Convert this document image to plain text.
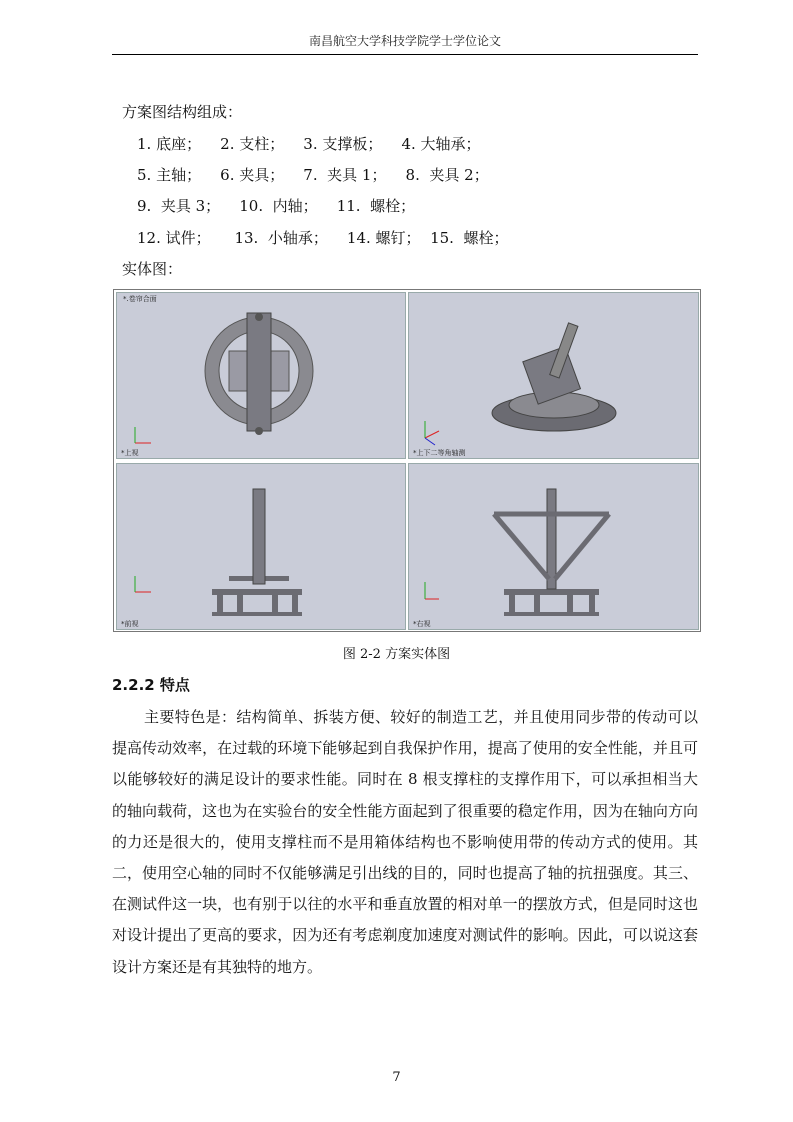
南昌航空大学科技学院学士学位论文
方案图结构组成：
1. 底座；    2. 支柱；    3. 支撑板；    4. 大轴承；
5. 主轴；    6. 夹具；    7.  夹具 1；    8.  夹具 2；
9.  夹具 3；    10.  内轴；    11.  螺栓；
12. 试件；     13.  小轴承；    14. 螺钉；  15.  螺栓；
实体图：
*.卷帘合面
*上视	*上下二等角轴测
*前视	*右视
图 2-2 方案实体图
2.2.2 特点
主要特色是：结构简单、拆装方便、较好的制造工艺，并且使用同步带的传动可以提高传动效率，在过载的环境下能够起到自我保护作用，提高了使用的安全性能，并且可以能够较好的满足设计的要求性能。同时在 8 根支撑柱的支撑作用下，可以承担相当大的轴向载荷，这也为在实验台的安全性能方面起到了很重要的稳定作用，因为在轴向方向的力还是很大的，使用支撑柱而不是用箱体结构也不影响使用带的传动方式的使用。其二，使用空心轴的同时不仅能够满足引出线的目的，同时也提高了轴的抗扭强度。其三、在测试件这一块，也有别于以往的水平和垂直放置的相对单一的摆放方式，但是同时这也对设计提出了更高的要求，因为还有考虑剃度加速度对测试件的影响。因此，可以说这套设计方案还是有其独特的地方。
7
